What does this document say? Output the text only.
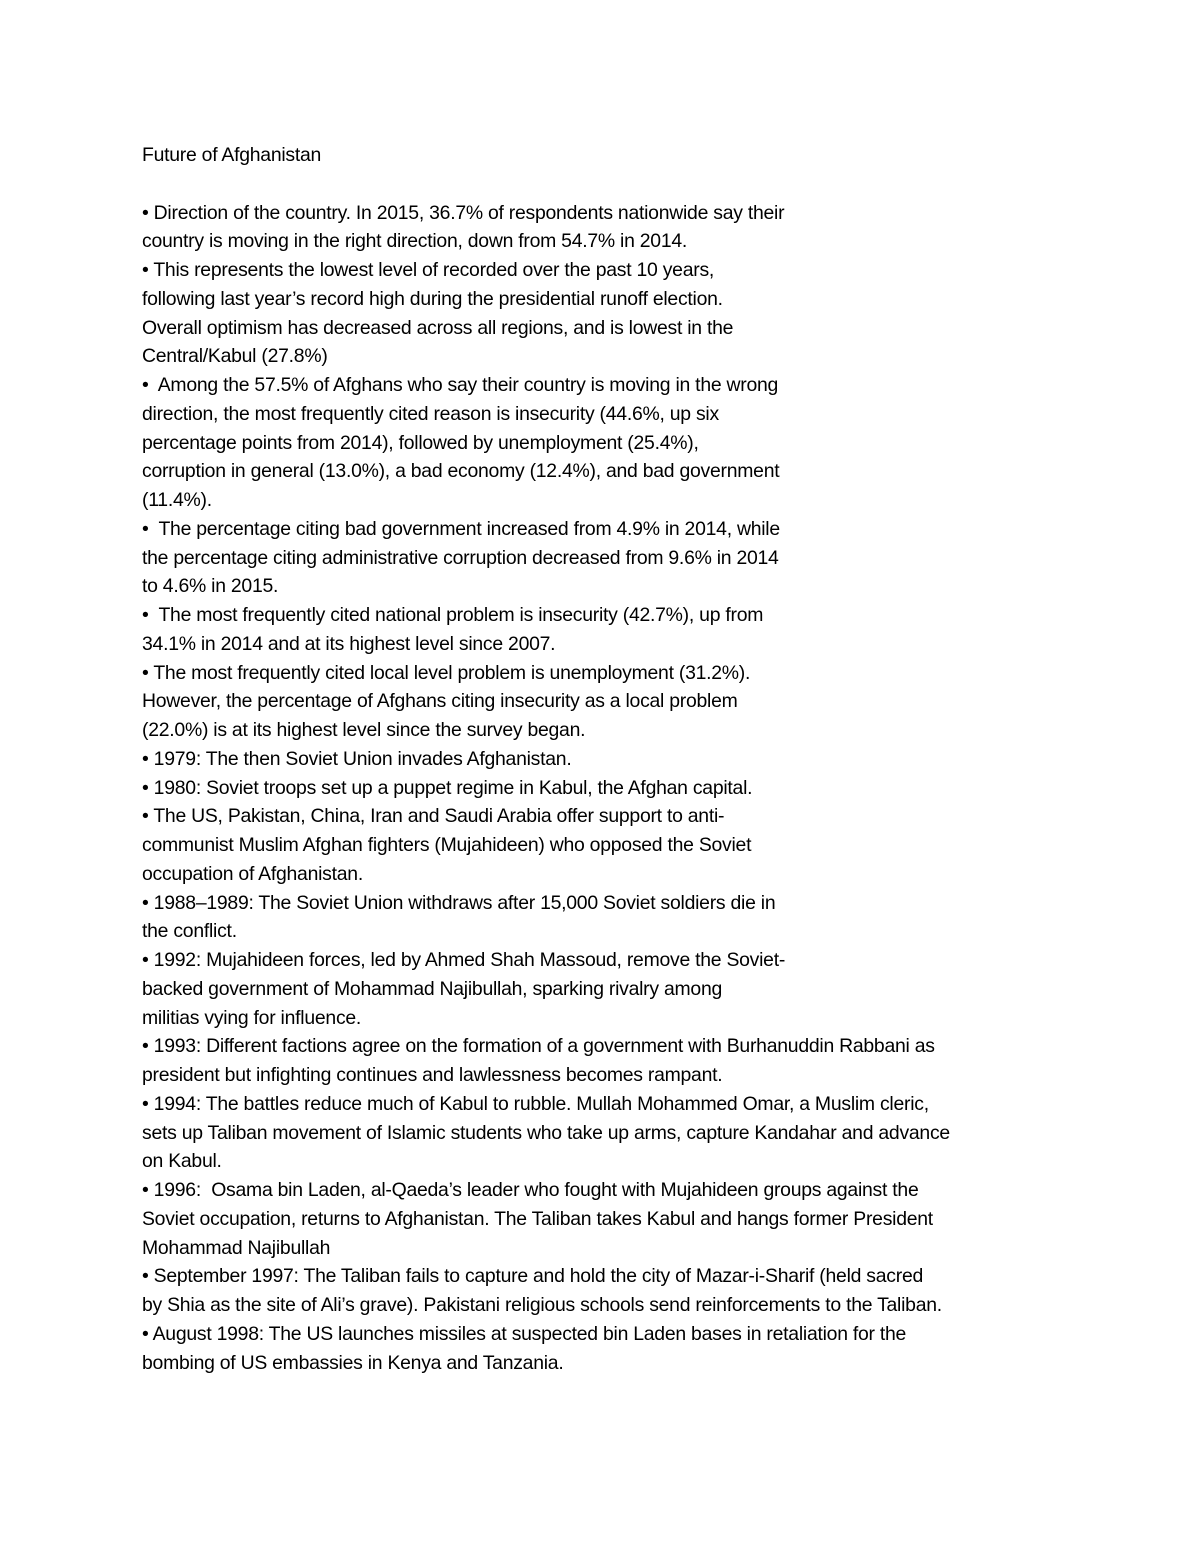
Future of Afghanistan
• Direction of the country. In 2015, 36.7% of respondents nationwide say their
country is moving in the right direction, down from 54.7% in 2014.
• This represents the lowest level of recorded over the past 10 years,
following last year’s record high during the presidential runoff election.
Overall optimism has decreased across all regions, and is lowest in the
Central/Kabul (27.8%)
•  Among the 57.5% of Afghans who say their country is moving in the wrong
direction, the most frequently cited reason is insecurity (44.6%, up six
percentage points from 2014), followed by unemployment (25.4%),
corruption in general (13.0%), a bad economy (12.4%), and bad government
(11.4%).
•  The percentage citing bad government increased from 4.9% in 2014, while
the percentage citing administrative corruption decreased from 9.6% in 2014
to 4.6% in 2015.
•  The most frequently cited national problem is insecurity (42.7%), up from
34.1% in 2014 and at its highest level since 2007.
• The most frequently cited local level problem is unemployment (31.2%).
However, the percentage of Afghans citing insecurity as a local problem
(22.0%) is at its highest level since the survey began.
• 1979: The then Soviet Union invades Afghanistan.
• 1980: Soviet troops set up a puppet regime in Kabul, the Afghan capital.
• The US, Pakistan, China, Iran and Saudi Arabia offer support to anti-
communist Muslim Afghan fighters (Mujahideen) who opposed the Soviet
occupation of Afghanistan.
• 1988–1989: The Soviet Union withdraws after 15,000 Soviet soldiers die in
the conflict.
• 1992: Mujahideen forces, led by Ahmed Shah Massoud, remove the Soviet-
backed government of Mohammad Najibullah, sparking rivalry among
militias vying for influence.
• 1993: Different factions agree on the formation of a government with Burhanuddin Rabbani as
president but infighting continues and lawlessness becomes rampant.
• 1994: The battles reduce much of Kabul to rubble. Mullah Mohammed Omar, a Muslim cleric,
sets up Taliban movement of Islamic students who take up arms, capture Kandahar and advance
on Kabul.
• 1996:  Osama bin Laden, al-Qaeda’s leader who fought with Mujahideen groups against the
Soviet occupation, returns to Afghanistan. The Taliban takes Kabul and hangs former President
Mohammad Najibullah
• September 1997: The Taliban fails to capture and hold the city of Mazar-i-Sharif (held sacred
by Shia as the site of Ali’s grave). Pakistani religious schools send reinforcements to the Taliban.
• August 1998: The US launches missiles at suspected bin Laden bases in retaliation for the
bombing of US embassies in Kenya and Tanzania.
